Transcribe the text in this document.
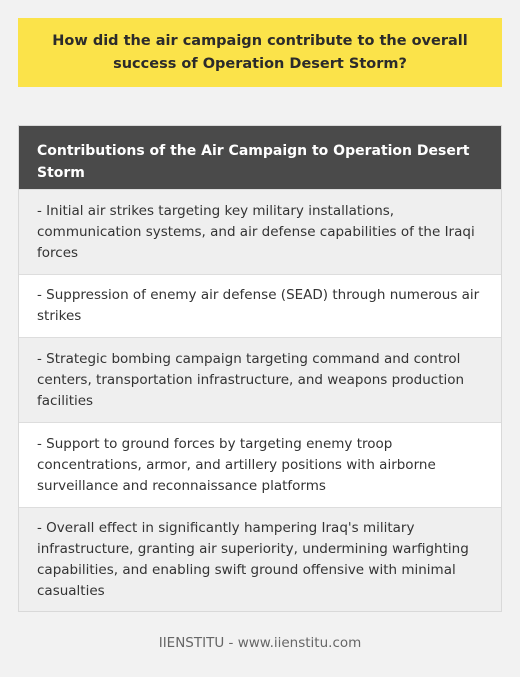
How did the air campaign contribute to the overall success of Operation Desert Storm?
Contributions of the Air Campaign to Operation Desert Storm
- Initial air strikes targeting key military installations, communication systems, and air defense capabilities of the Iraqi forces
- Suppression of enemy air defense (SEAD) through numerous air strikes
- Strategic bombing campaign targeting command and control centers, transportation infrastructure, and weapons production facilities
- Support to ground forces by targeting enemy troop concentrations, armor, and artillery positions with airborne surveillance and reconnaissance platforms
- Overall effect in significantly hampering Iraq's military infrastructure, granting air superiority, undermining warfighting capabilities, and enabling swift ground offensive with minimal casualties
IIENSTITU - www.iienstitu.com
